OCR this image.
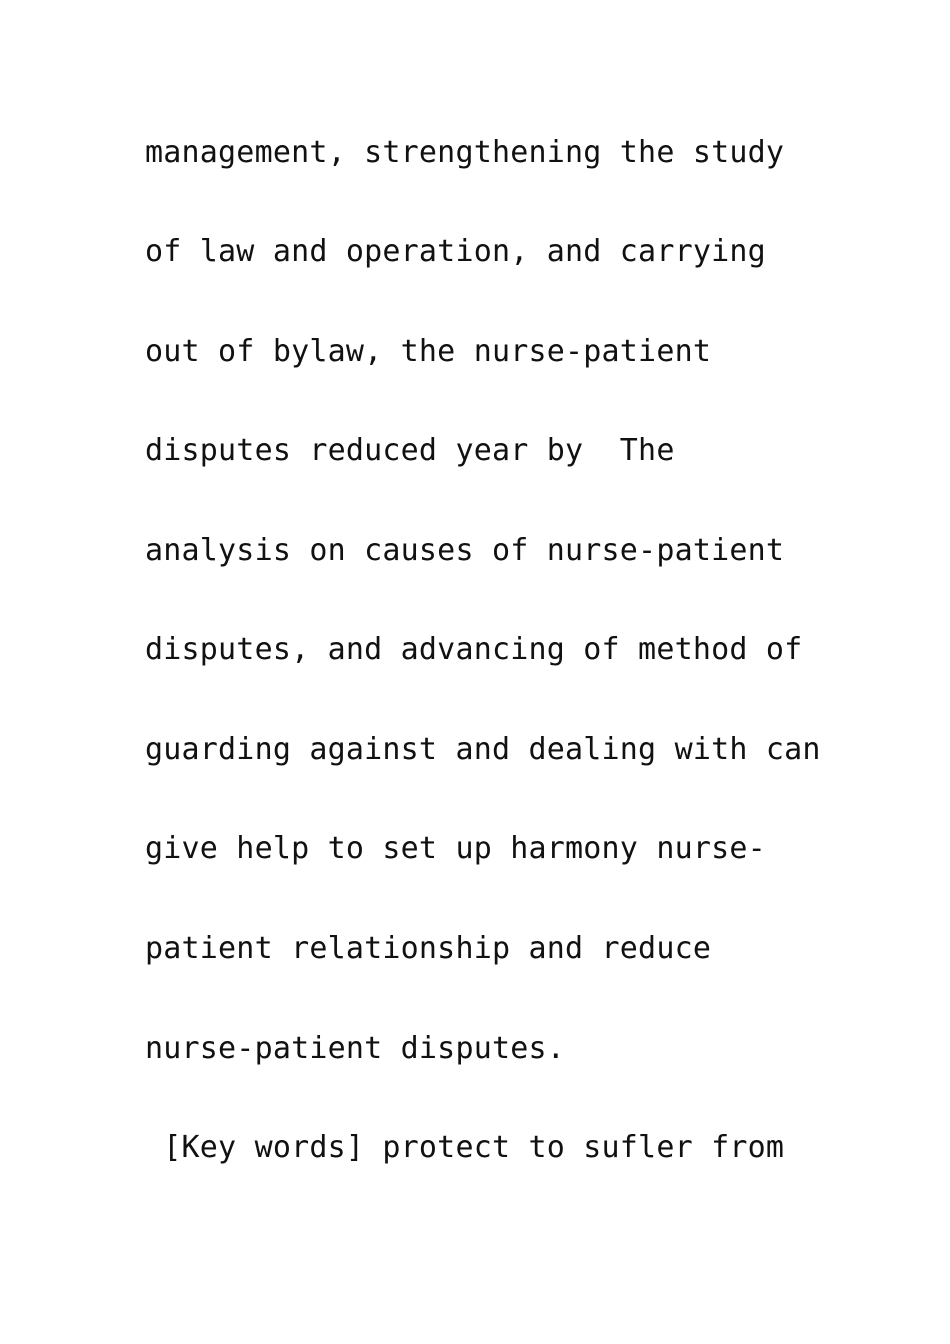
management, strengthening the study

of law and operation, and carrying

out of bylaw, the nurse-patient

disputes reduced year by  The

analysis on causes of nurse-patient

disputes, and advancing of method of

guarding against and dealing with can

give help to set up harmony nurse-

patient relationship and reduce

nurse-patient disputes.

[Key words] protect to sufler from
